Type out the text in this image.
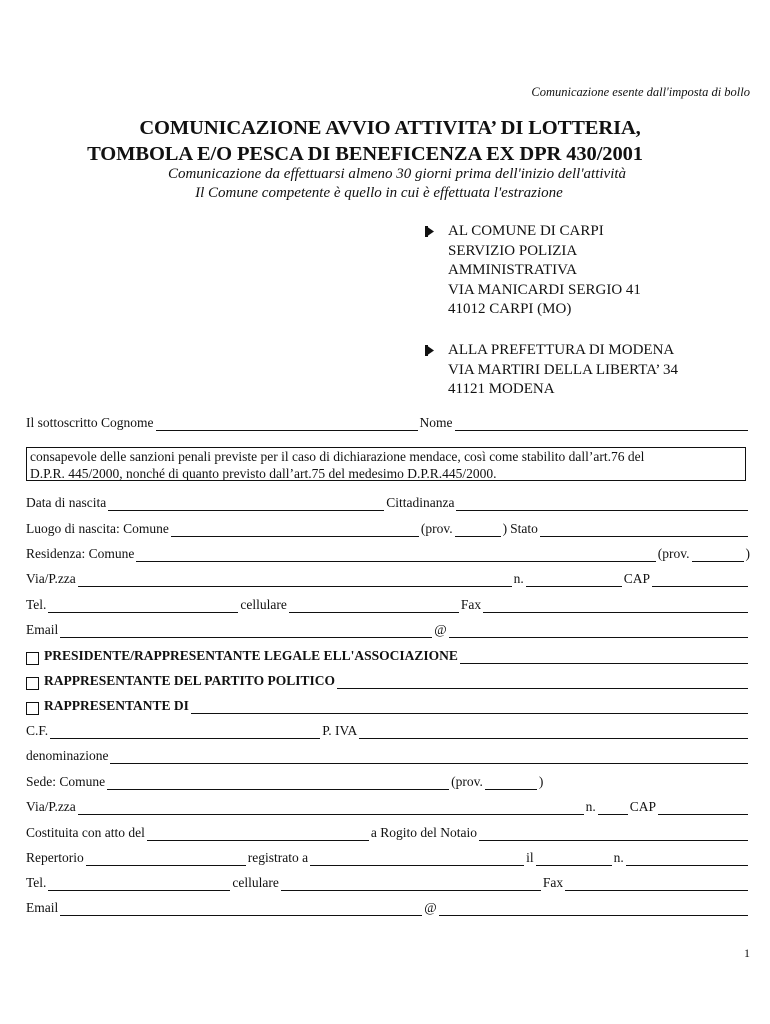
Comunicazione esente dall'imposta di bollo
COMUNICAZIONE AVVIO ATTIVITA’ DI LOTTERIA,
TOMBOLA E/O PESCA DI BENEFICENZA EX DPR 430/2001
Comunicazione da effettuarsi almeno 30 giorni prima dell'inizio dell'attività
Il Comune competente è quello in cui è effettuata l'estrazione
AL COMUNE DI CARPI
SERVIZIO POLIZIA
AMMINISTRATIVA
VIA MANICARDI SERGIO 41
41012 CARPI (MO)
ALLA PREFETTURA DI MODENA
VIA MARTIRI DELLA LIBERTA’ 34
41121 MODENA
Il sottoscritto Cognome	Nome
consapevole delle sanzioni penali previste per il caso di dichiarazione mendace, così come stabilito dall’art.76 del
D.P.R. 445/2000, nonché di quanto previsto dall’art.75 del medesimo D.P.R.445/2000.
Data di nascita	Cittadinanza
Luogo di nascita: Comune	(prov.	) Stato
Residenza: Comune	(prov.	)
Via/P.zza	n.	CAP
Tel.	cellulare	Fax
Email	@
PRESIDENTE/RAPPRESENTANTE LEGALE ELL'ASSOCIAZIONE
RAPPRESENTANTE DEL PARTITO POLITICO
RAPPRESENTANTE DI
C.F.	P. IVA
denominazione
Sede: Comune	(prov.	)
Via/P.zza	n.	CAP
Costituita con atto del	a Rogito del Notaio
Repertorio	registrato a	il	n.
Tel.	cellulare	Fax
Email	@
1
